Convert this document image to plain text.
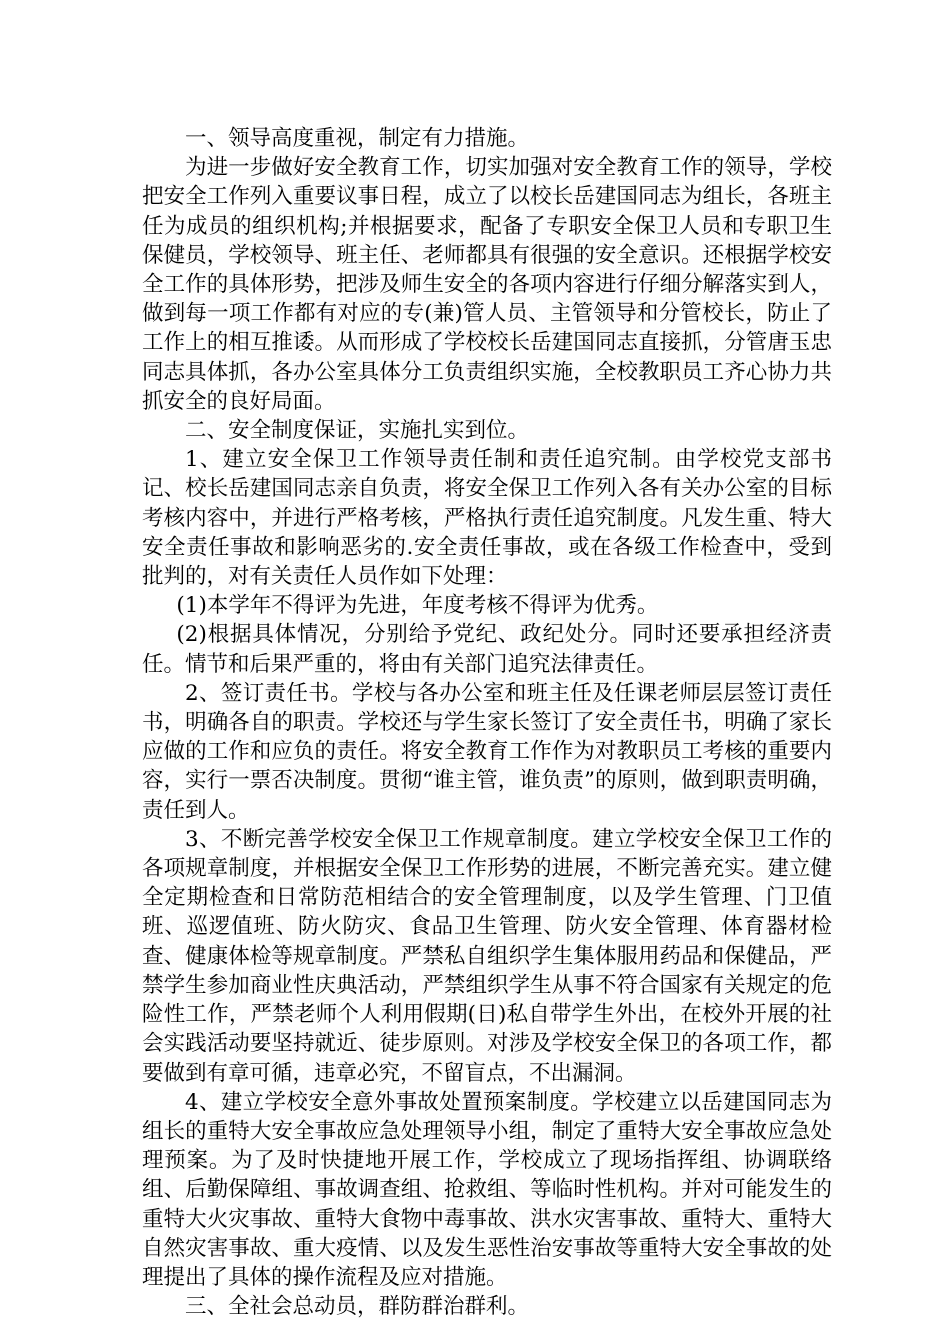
一、领导高度重视，制定有力措施。

为进一步做好安全教育工作，切实加强对安全教育工作的领导，学校把安全工作列入重要议事日程，成立了以校长岳建国同志为组长，各班主任为成员的组织机构;并根据要求，配备了专职安全保卫人员和专职卫生保健员，学校领导、班主任、老师都具有很强的安全意识。还根据学校安全工作的具体形势，把涉及师生安全的各项内容进行仔细分解落实到人，做到每一项工作都有对应的专(兼)管人员、主管领导和分管校长，防止了工作上的相互推诿。从而形成了学校校长岳建国同志直接抓，分管唐玉忠同志具体抓，各办公室具体分工负责组织实施，全校教职员工齐心协力共抓安全的良好局面。

二、安全制度保证，实施扎实到位。

1、建立安全保卫工作领导责任制和责任追究制。由学校党支部书记、校长岳建国同志亲自负责，将安全保卫工作列入各有关办公室的目标考核内容中，并进行严格考核，严格执行责任追究制度。凡发生重、特大安全责任事故和影响恶劣的.安全责任事故，或在各级工作检查中，受到批判的，对有关责任人员作如下处理：

(1)本学年不得评为先进，年度考核不得评为优秀。

(2)根据具体情况，分别给予党纪、政纪处分。同时还要承担经济责任。情节和后果严重的，将由有关部门追究法律责任。

2、签订责任书。学校与各办公室和班主任及任课老师层层签订责任书，明确各自的职责。学校还与学生家长签订了安全责任书，明确了家长应做的工作和应负的责任。将安全教育工作作为对教职员工考核的重要内容，实行一票否决制度。贯彻“谁主管，谁负责”的原则，做到职责明确，责任到人。

3、不断完善学校安全保卫工作规章制度。建立学校安全保卫工作的各项规章制度，并根据安全保卫工作形势的进展，不断完善充实。建立健全定期检查和日常防范相结合的安全管理制度，以及学生管理、门卫值班、巡逻值班、防火防灾、食品卫生管理、防火安全管理、体育器材检查、健康体检等规章制度。严禁私自组织学生集体服用药品和保健品，严禁学生参加商业性庆典活动，严禁组织学生从事不符合国家有关规定的危险性工作，严禁老师个人利用假期(日)私自带学生外出，在校外开展的社会实践活动要坚持就近、徒步原则。对涉及学校安全保卫的各项工作，都要做到有章可循，违章必究，不留盲点，不出漏洞。

4、建立学校安全意外事故处置预案制度。学校建立以岳建国同志为组长的重特大安全事故应急处理领导小组，制定了重特大安全事故应急处理预案。为了及时快捷地开展工作，学校成立了现场指挥组、协调联络组、后勤保障组、事故调查组、抢救组、等临时性机构。并对可能发生的重特大火灾事故、重特大食物中毒事故、洪水灾害事故、重特大、重特大自然灾害事故、重大疫情、以及发生恶性治安事故等重特大安全事故的处理提出了具体的操作流程及应对措施。

三、全社会总动员，群防群治群利。
